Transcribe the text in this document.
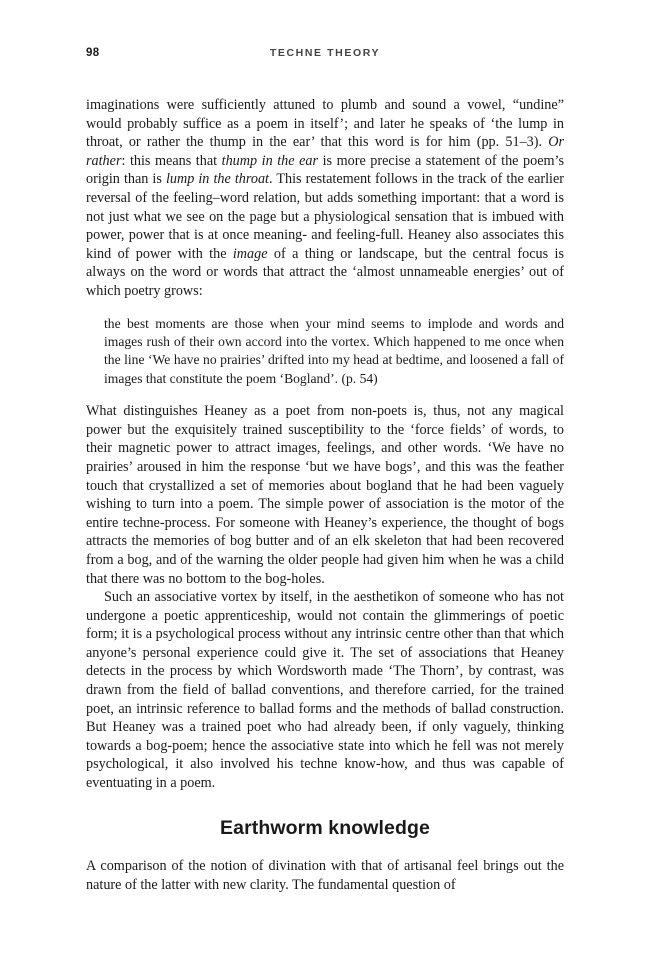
98	TECHNE THEORY

imaginations were sufficiently attuned to plumb and sound a vowel, “undine” would probably suffice as a poem in itself’; and later he speaks of ‘the lump in throat, or rather the thump in the ear’ that this word is for him (pp. 51–3). Or rather: this means that thump in the ear is more precise a statement of the poem’s origin than is lump in the throat. This restatement follows in the track of the earlier reversal of the feeling–word relation, but adds something important: that a word is not just what we see on the page but a physiological sensation that is imbued with power, power that is at once meaning- and feeling-full. Heaney also associates this kind of power with the image of a thing or landscape, but the central focus is always on the word or words that attract the ‘almost unnameable energies’ out of which poetry grows:

the best moments are those when your mind seems to implode and words and images rush of their own accord into the vortex. Which happened to me once when the line ‘We have no prairies’ drifted into my head at bedtime, and loosened a fall of images that constitute the poem ‘Bogland’. (p. 54)

What distinguishes Heaney as a poet from non-poets is, thus, not any magical power but the exquisitely trained susceptibility to the ‘force fields’ of words, to their magnetic power to attract images, feelings, and other words. ‘We have no prairies’ aroused in him the response ‘but we have bogs’, and this was the feather touch that crystallized a set of memories about bogland that he had been vaguely wishing to turn into a poem. The simple power of association is the motor of the entire techne-process. For someone with Heaney’s experience, the thought of bogs attracts the memories of bog butter and of an elk skeleton that had been recovered from a bog, and of the warning the older people had given him when he was a child that there was no bottom to the bog-holes.

Such an associative vortex by itself, in the aesthetikon of someone who has not undergone a poetic apprenticeship, would not contain the glimmerings of poetic form; it is a psychological process without any intrinsic centre other than that which anyone’s personal experience could give it. The set of associations that Heaney detects in the process by which Wordsworth made ‘The Thorn’, by contrast, was drawn from the field of ballad conventions, and therefore carried, for the trained poet, an intrinsic reference to ballad forms and the methods of ballad construction. But Heaney was a trained poet who had already been, if only vaguely, thinking towards a bog-poem; hence the associative state into which he fell was not merely psychological, it also involved his techne know-how, and thus was capable of eventuating in a poem.

Earthworm knowledge

A comparison of the notion of divination with that of artisanal feel brings out the nature of the latter with new clarity. The fundamental question of
